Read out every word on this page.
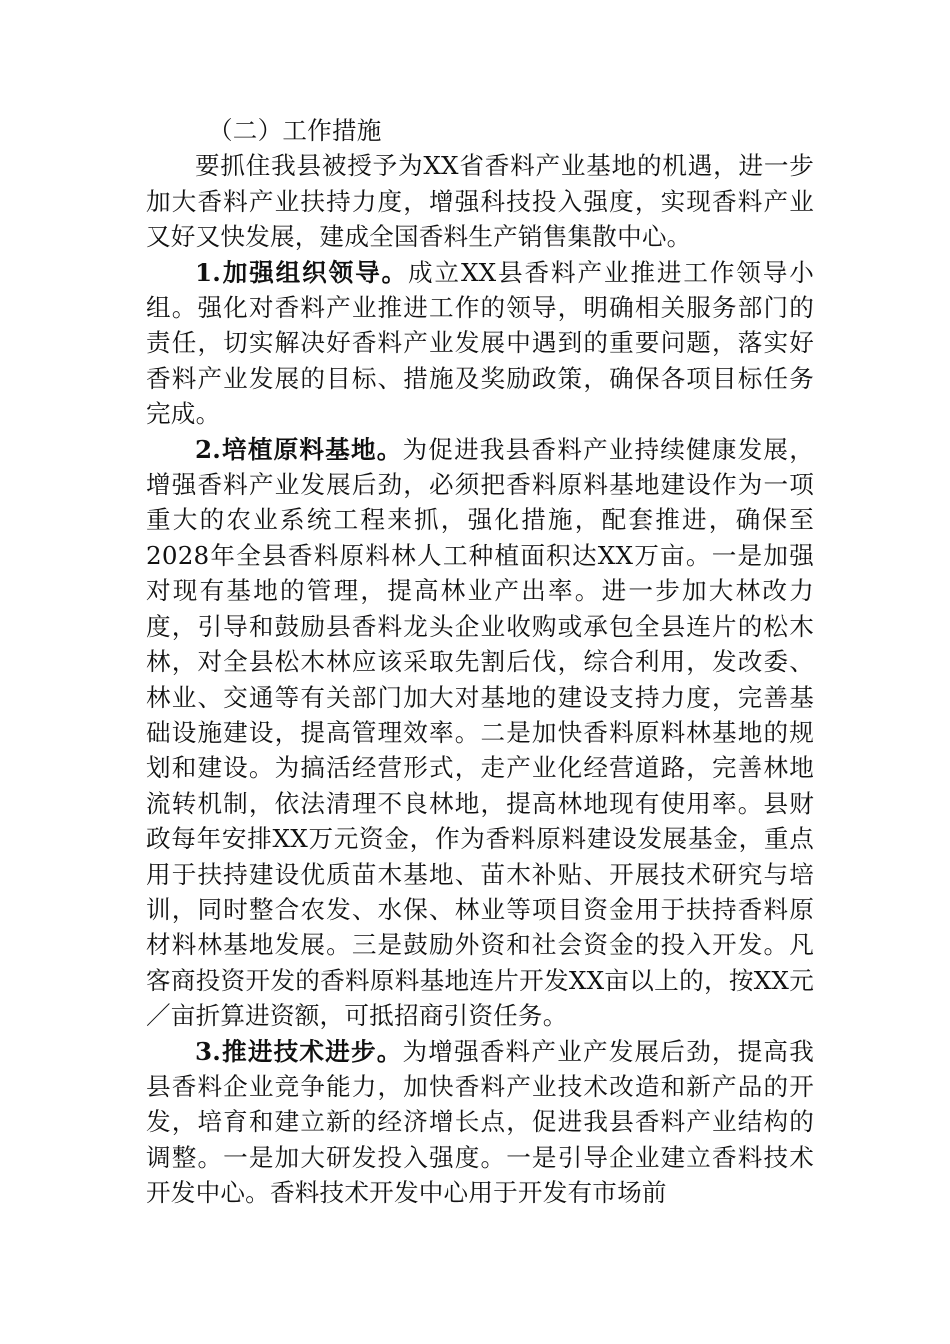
（二）工作措施

要抓住我县被授予为XX省香料产业基地的机遇，进一步加大香料产业扶持力度，增强科技投入强度，实现香料产业又好又快发展，建成全国香料生产销售集散中心。

1.加强组织领导。成立XX县香料产业推进工作领导小组。强化对香料产业推进工作的领导，明确相关服务部门的责任，切实解决好香料产业发展中遇到的重要问题，落实好香料产业发展的目标、措施及奖励政策，确保各项目标任务完成。

2.培植原料基地。为促进我县香料产业持续健康发展，增强香料产业发展后劲，必须把香料原料基地建设作为一项重大的农业系统工程来抓，强化措施，配套推进，确保至2028年全县香料原料林人工种植面积达XX万亩。一是加强对现有基地的管理，提高林业产出率。进一步加大林改力度，引导和鼓励县香料龙头企业收购或承包全县连片的松木林，对全县松木林应该采取先割后伐，综合利用，发改委、林业、交通等有关部门加大对基地的建设支持力度，完善基础设施建设，提高管理效率。二是加快香料原料林基地的规划和建设。为搞活经营形式，走产业化经营道路，完善林地流转机制，依法清理不良林地，提高林地现有使用率。县财政每年安排XX万元资金，作为香料原料建设发展基金，重点用于扶持建设优质苗木基地、苗木补贴、开展技术研究与培训，同时整合农发、水保、林业等项目资金用于扶持香料原材料林基地发展。三是鼓励外资和社会资金的投入开发。凡客商投资开发的香料原料基地连片开发XX亩以上的，按XX元／亩折算进资额，可抵招商引资任务。

3.推进技术进步。为增强香料产业产发展后劲，提高我县香料企业竞争能力，加快香料产业技术改造和新产品的开发，培育和建立新的经济增长点，促进我县香料产业结构的调整。一是加大研发投入强度。一是引导企业建立香料技术开发中心。香料技术开发中心用于开发有市场前
